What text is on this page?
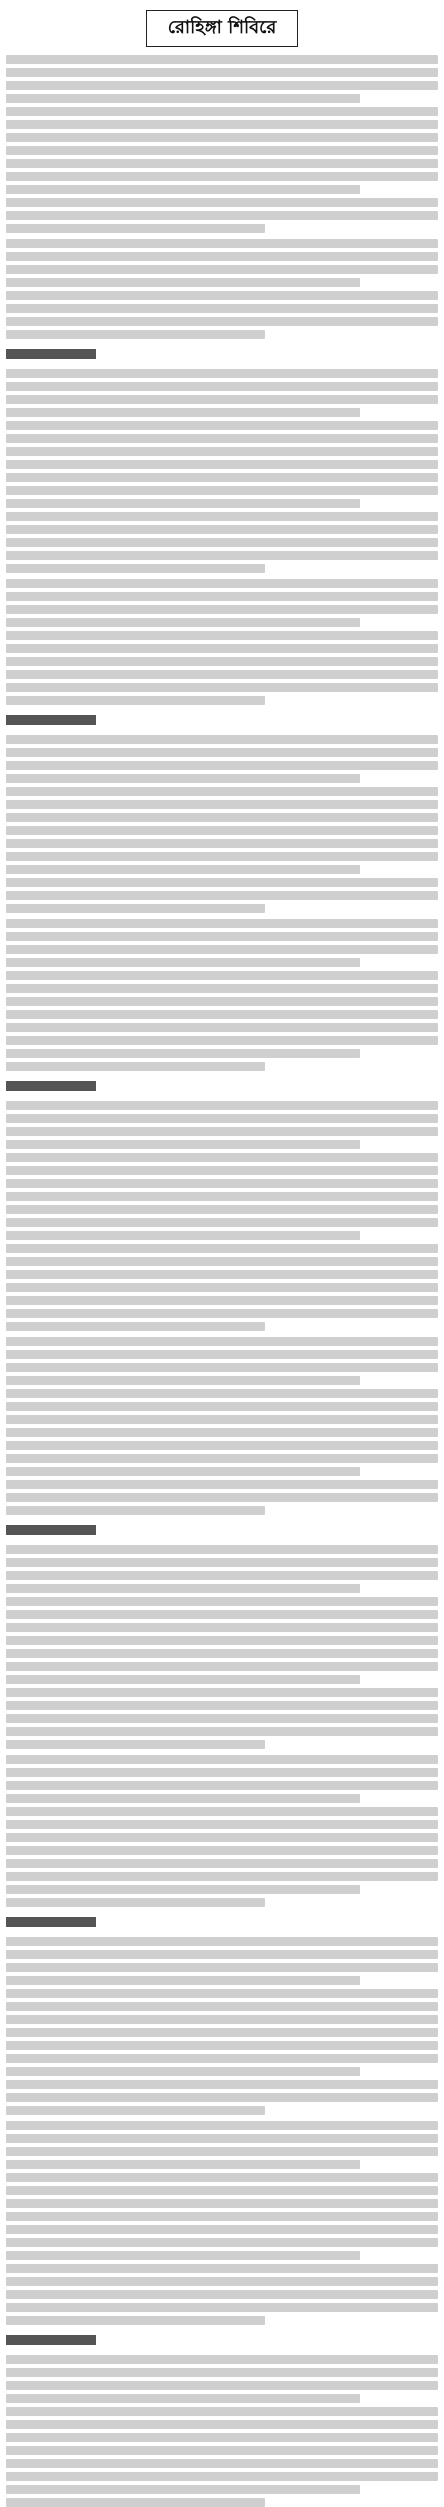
রোহিঙ্গা শিবিরে
